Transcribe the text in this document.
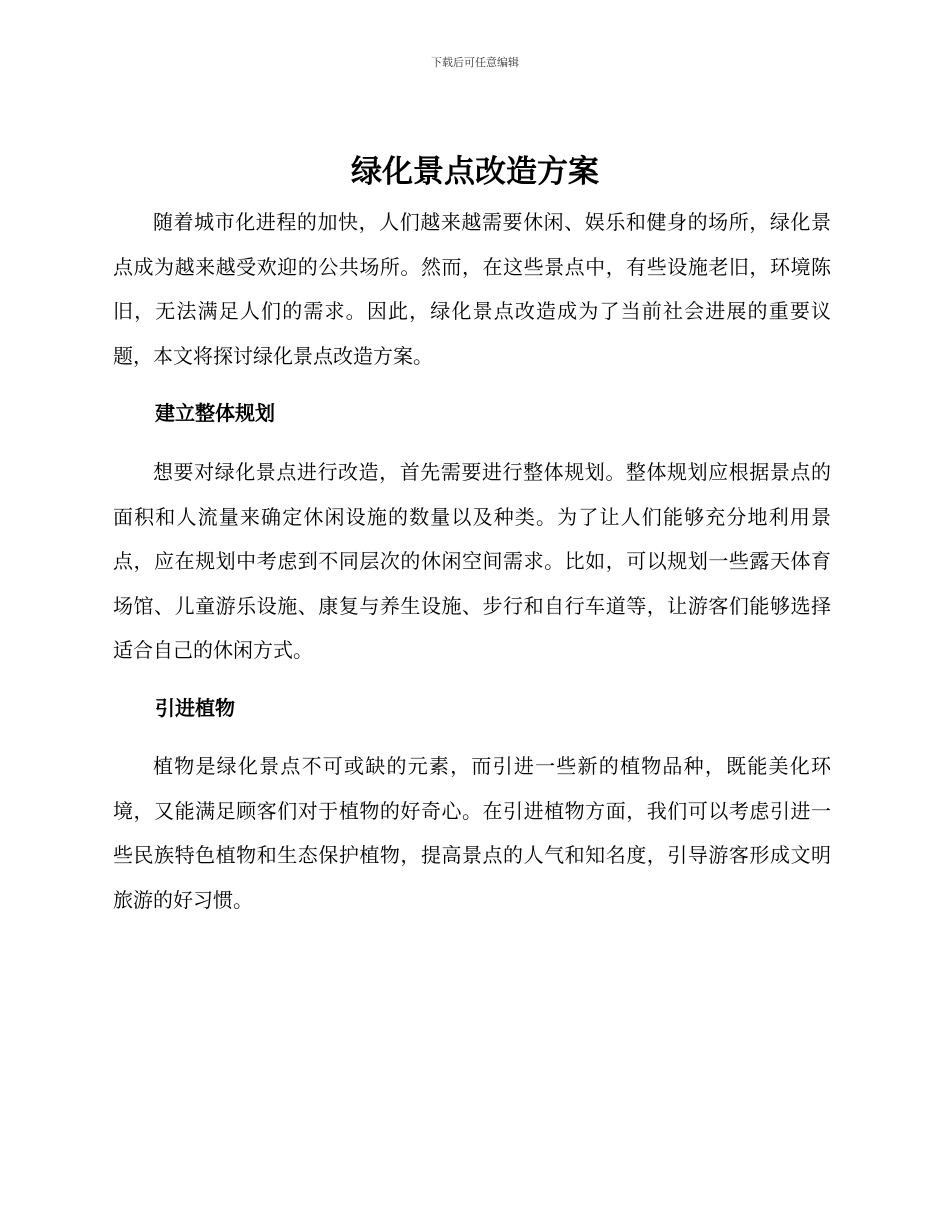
下载后可任意编辑
绿化景点改造方案

随着城市化进程的加快，人们越来越需要休闲、娱乐和健身的场所，绿化景点成为越来越受欢迎的公共场所。然而，在这些景点中，有些设施老旧，环境陈旧，无法满足人们的需求。因此，绿化景点改造成为了当前社会进展的重要议题，本文将探讨绿化景点改造方案。

建立整体规划

想要对绿化景点进行改造，首先需要进行整体规划。整体规划应根据景点的面积和人流量来确定休闲设施的数量以及种类。为了让人们能够充分地利用景点，应在规划中考虑到不同层次的休闲空间需求。比如，可以规划一些露天体育场馆、儿童游乐设施、康复与养生设施、步行和自行车道等，让游客们能够选择适合自己的休闲方式。

引进植物

植物是绿化景点不可或缺的元素，而引进一些新的植物品种，既能美化环境，又能满足顾客们对于植物的好奇心。在引进植物方面，我们可以考虑引进一些民族特色植物和生态保护植物，提高景点的人气和知名度，引导游客形成文明旅游的好习惯。
